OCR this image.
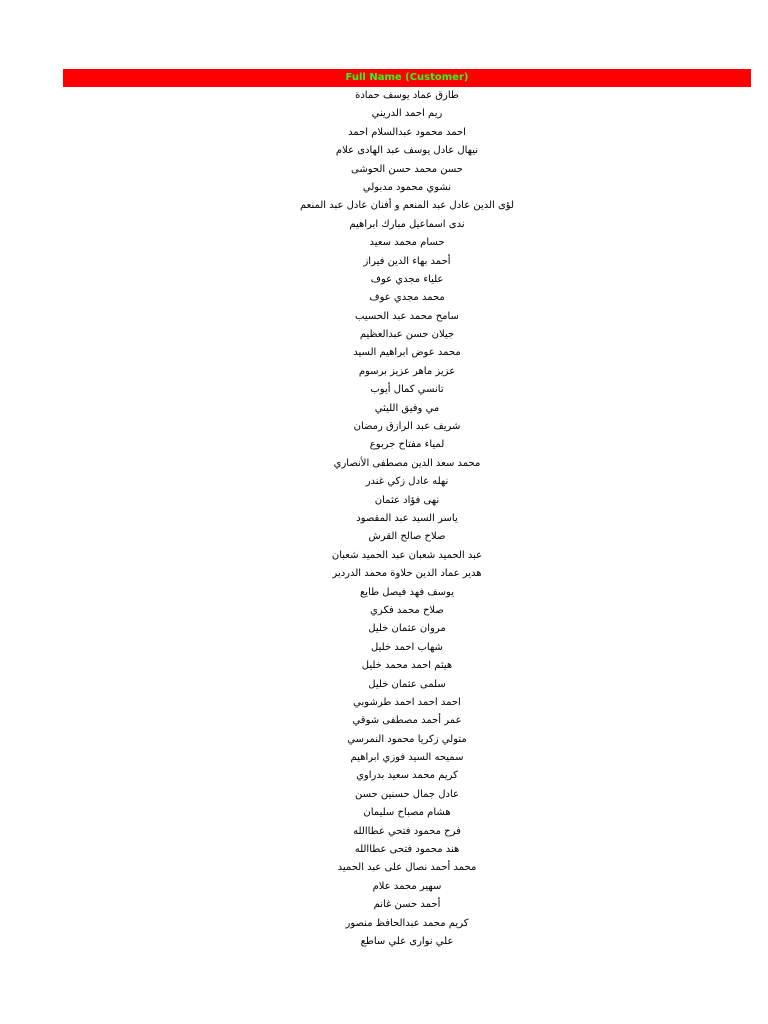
Full Name (Customer)
طارق عماد يوسف حمادة
ريم احمد الدريني
احمد محمود عبدالسلام احمد
نيهال عادل يوسف عبد الهادى علام
حسن محمد حسن الحوشى
نشوي محمود مدبولي
لؤى الدين عادل عبد المنعم و أفنان عادل عبد المنعم
ندى اسماعيل مبارك ابراهيم
حسام محمد سعيد
أحمد بهاء الدين فيراز
علياء مجدي عوف
محمد مجدي عوف
سامح محمد عبد الحسيب
جيلان حسن عبدالعظيم
محمد عوض ابراهيم السيد
عزيز ماهر عزيز برسوم
تانسي كمال أيوب
مي وفيق الليثي
شريف عبد الرازق رمضان
لمياء مفتاح جربوع
محمد سعد الدين مصطفى الأنصاري
نهله عادل زكي غندر
نهى فؤاد عثمان
ياسر السيد عبد المقصود
صلاح صالح القرش
عبد الحميد شعبان عبد الحميد شعبان
هدير عماد الدين حلاوة محمد الدردير
يوسف فهد فيصل طايع
صلاح محمد فكري
مروان عثمان خليل
شهاب احمد خليل
هيثم احمد محمد خليل
سلمى عثمان خليل
احمد احمد احمد طرشوبي
عمر أحمد مصطفى شوقي
متولي زكريا محمود النمرسي
سميحه السيد فوزي ابراهيم
كريم محمد سعيد بدراوي
عادل جمال حسنين حسن
هشام مصباح سليمان
فرح محمود فتحي عطاالله
هند محمود فتحى عطاالله
محمد أحمد نصال على عبد الحميد
سهير محمد علام
أحمد حسن غانم
كريم محمد عبدالحافظ منصور
علي نوارى علي ساطع
